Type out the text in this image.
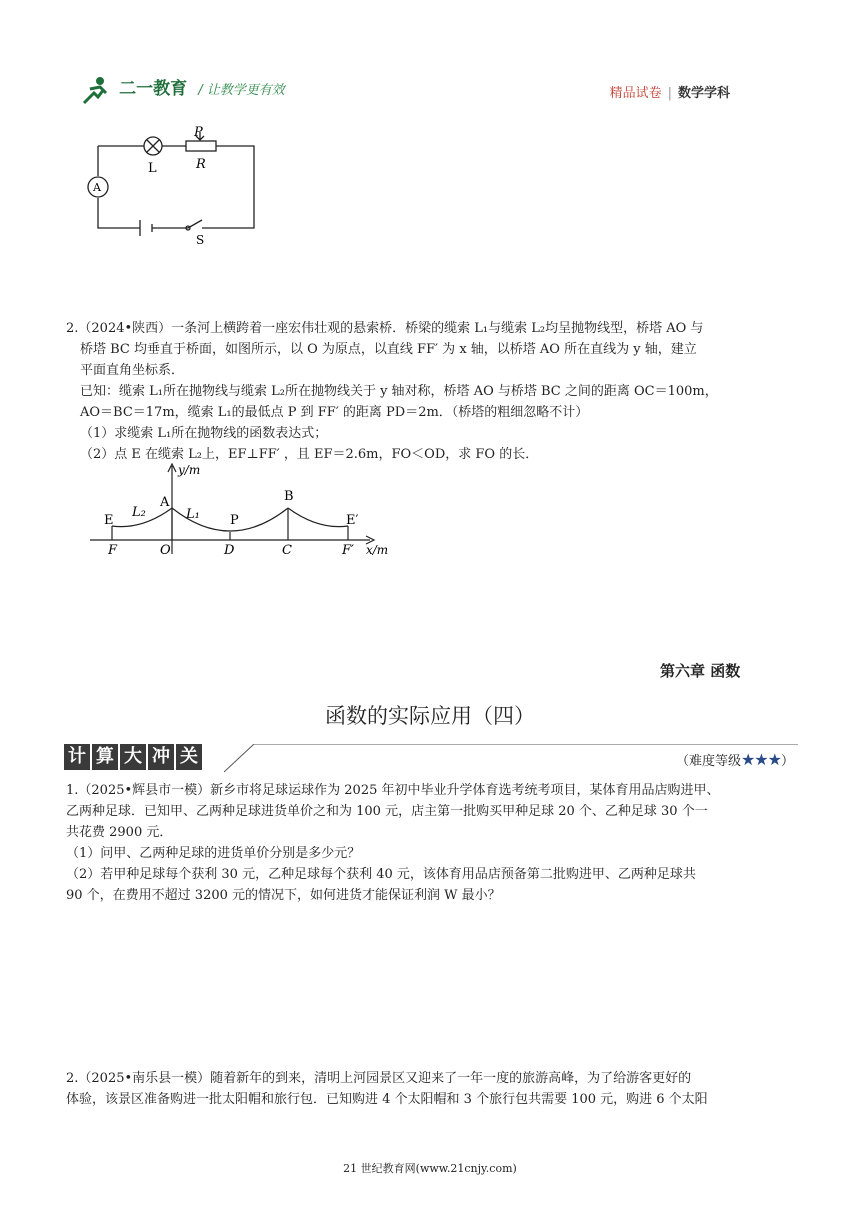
二一教育 / 让教学更有效	精品试卷 | 数学学科
P
L	R
A
S
2.（2024•陕西）一条河上横跨着一座宏伟壮观的悬索桥．桥梁的缆索 L₁与缆索 L₂均呈抛物线型，桥塔 AO 与
桥塔 BC 均垂直于桥面，如图所示，以 O 为原点，以直线 FF′ 为 x 轴，以桥塔 AO 所在直线为 y 轴，建立
平面直角坐标系．
已知：缆索 L₁所在抛物线与缆索 L₂所在抛物线关于 y 轴对称，桥塔 AO 与桥塔 BC 之间的距离 OC＝100m，
AO＝BC＝17m，缆索 L₁的最低点 P 到 FF′ 的距离 PD＝2m．（桥塔的粗细忽略不计）
（1）求缆索 L₁所在抛物线的函数表达式；
（2）点 E 在缆索 L₂上，EF⊥FF′ ，且 EF＝2.6m，FO＜OD，求 FO 的长．
y/m
x/m
A	B
P
E	E′
L₂	L₁
F	O	D	C	F′
第六章 函数
函数的实际应用（四）
计 算 大 冲 关	（难度等级★★★）
1.（2025•辉县市一模）新乡市将足球运球作为 2025 年初中毕业升学体育选考统考项目，某体育用品店购进甲、
乙两种足球．已知甲、乙两种足球进货单价之和为 100 元，店主第一批购买甲种足球 20 个、乙种足球 30 个一
共花费 2900 元．
（1）问甲、乙两种足球的进货单价分别是多少元？
（2）若甲种足球每个获利 30 元，乙种足球每个获利 40 元，该体育用品店预备第二批购进甲、乙两种足球共
90 个，在费用不超过 3200 元的情况下，如何进货才能保证利润 W 最小？
2.（2025•南乐县一模）随着新年的到来，清明上河园景区又迎来了一年一度的旅游高峰，为了给游客更好的
体验，该景区准备购进一批太阳帽和旅行包．已知购进 4 个太阳帽和 3 个旅行包共需要 100 元，购进 6 个太阳
21 世纪教育网(www.21cnjy.com)
